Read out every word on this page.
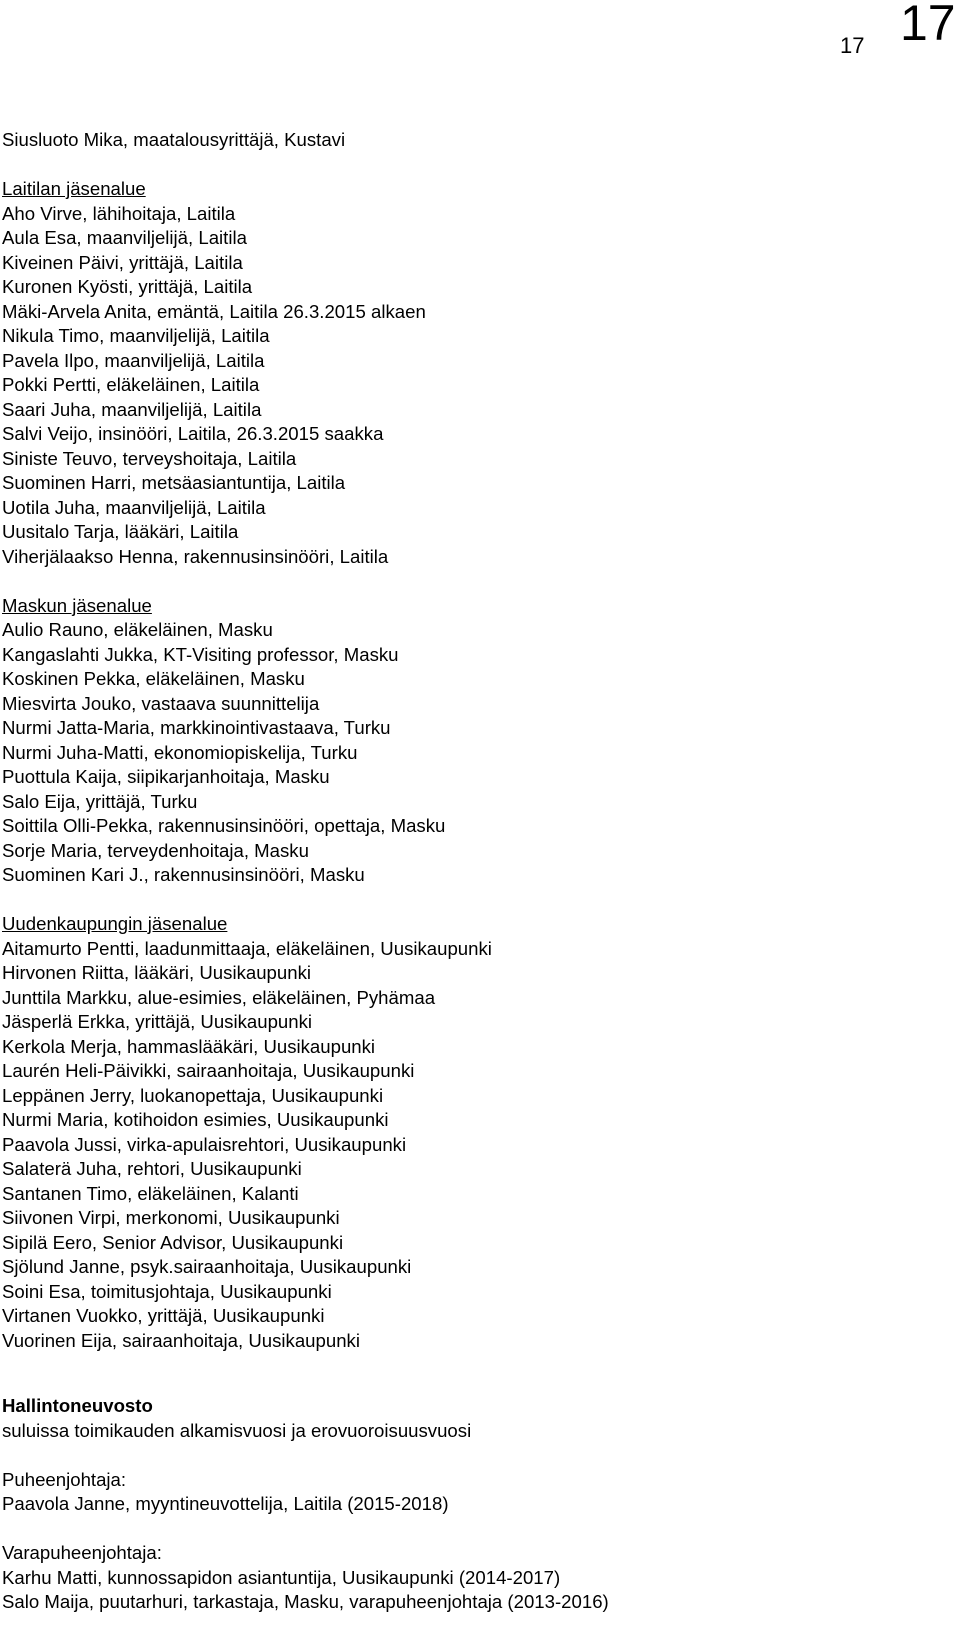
17 17
Siusluoto Mika, maatalousyrittäjä, Kustavi
Laitilan jäsenalue
Aho Virve, lähihoitaja, Laitila
Aula Esa, maanviljelijä, Laitila
Kiveinen Päivi, yrittäjä, Laitila
Kuronen Kyösti, yrittäjä, Laitila
Mäki-Arvela Anita, emäntä, Laitila 26.3.2015 alkaen
Nikula Timo, maanviljelijä, Laitila
Pavela Ilpo, maanviljelijä, Laitila
Pokki Pertti, eläkeläinen, Laitila
Saari Juha, maanviljelijä, Laitila
Salvi Veijo, insinööri, Laitila, 26.3.2015 saakka
Siniste Teuvo, terveyshoitaja, Laitila
Suominen Harri, metsäasiantuntija, Laitila
Uotila Juha, maanviljelijä, Laitila
Uusitalo Tarja, lääkäri, Laitila
Viherjälaakso Henna, rakennusinsinööri, Laitila
Maskun jäsenalue
Aulio Rauno, eläkeläinen, Masku
Kangaslahti Jukka, KT-Visiting professor, Masku
Koskinen Pekka, eläkeläinen, Masku
Miesvirta Jouko, vastaava suunnittelija
Nurmi Jatta-Maria, markkinointivastaava, Turku
Nurmi Juha-Matti, ekonomiopiskelija, Turku
Puottula Kaija, siipikarjanhoitaja, Masku
Salo Eija, yrittäjä, Turku
Soittila Olli-Pekka, rakennusinsinööri, opettaja, Masku
Sorje Maria, terveydenhoitaja, Masku
Suominen Kari J., rakennusinsinööri, Masku
Uudenkaupungin jäsenalue
Aitamurto Pentti, laadunmittaaja, eläkeläinen, Uusikaupunki
Hirvonen Riitta, lääkäri, Uusikaupunki
Junttila Markku, alue-esimies, eläkeläinen, Pyhämaa
Jäsperlä Erkka, yrittäjä, Uusikaupunki
Kerkola Merja, hammaslääkäri, Uusikaupunki
Laurén Heli-Päivikki, sairaanhoitaja, Uusikaupunki
Leppänen Jerry, luokanopettaja, Uusikaupunki
Nurmi Maria, kotihoidon esimies, Uusikaupunki
Paavola Jussi, virka-apulaisrehtori, Uusikaupunki
Salaterä Juha, rehtori, Uusikaupunki
Santanen Timo, eläkeläinen, Kalanti
Siivonen Virpi, merkonomi, Uusikaupunki
Sipilä Eero, Senior Advisor, Uusikaupunki
Sjölund Janne, psyk.sairaanhoitaja, Uusikaupunki
Soini Esa, toimitusjohtaja, Uusikaupunki
Virtanen Vuokko, yrittäjä, Uusikaupunki
Vuorinen Eija, sairaanhoitaja, Uusikaupunki
Hallintoneuvosto
suluissa toimikauden alkamisvuosi ja erovuoroisuusvuosi
Puheenjohtaja:
Paavola Janne, myyntineuvottelija, Laitila (2015-2018)
Varapuheenjohtaja:
Karhu Matti, kunnossapidon asiantuntija, Uusikaupunki (2014-2017)
Salo Maija, puutarhuri, tarkastaja, Masku, varapuheenjohtaja (2013-2016)
